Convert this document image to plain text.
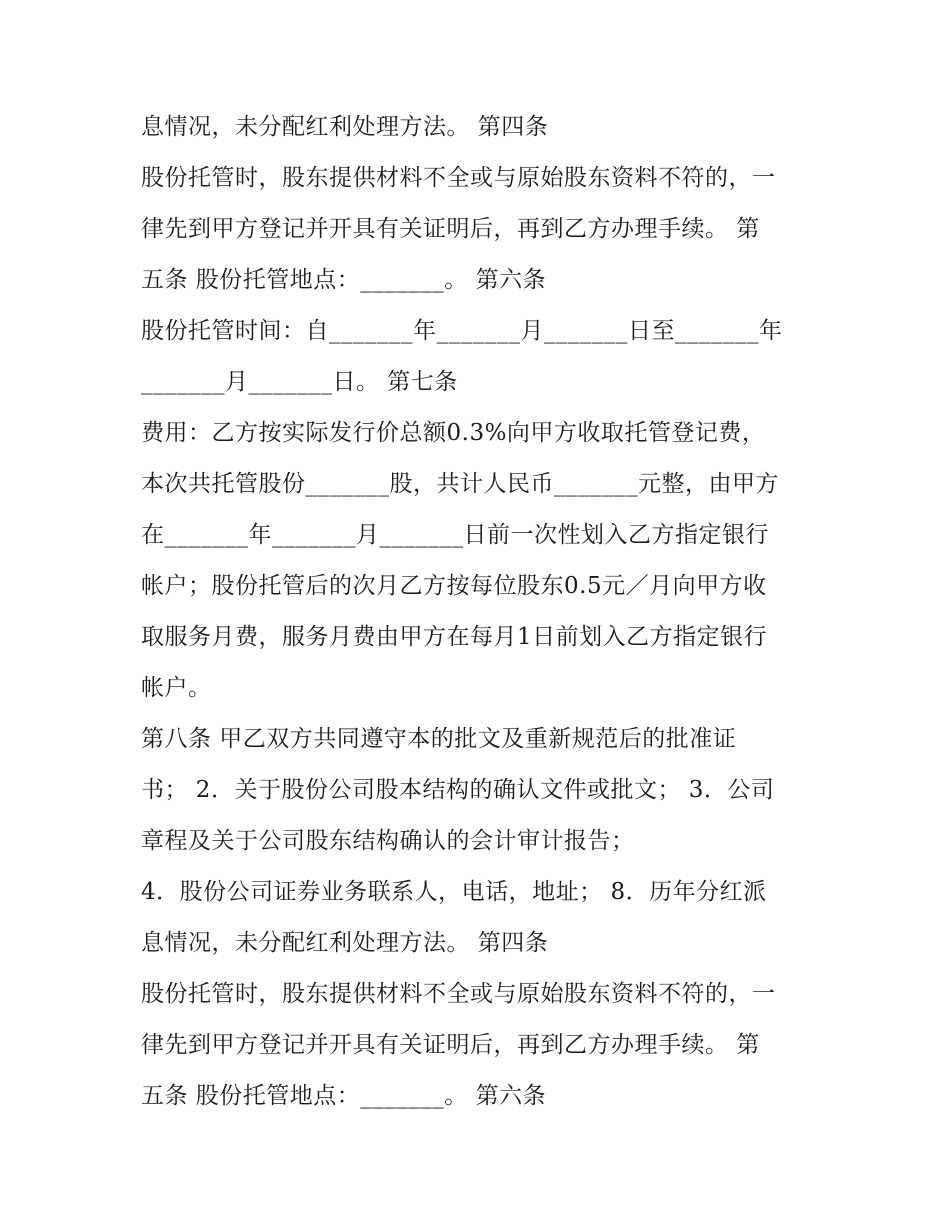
息情况，未分配红利处理方法。 第四条
股份托管时，股东提供材料不全或与原始股东资料不符的，一
律先到甲方登记并开具有关证明后，再到乙方办理手续。 第
五条 股份托管地点：_______。 第六条
股份托管时间：自_______年_______月_______日至_______年
_______月_______日。 第七条
费用：乙方按实际发行价总额0.3%向甲方收取托管登记费，
本次共托管股份_______股，共计人民币_______元整，由甲方
在_______年_______月_______日前一次性划入乙方指定银行
帐户；股份托管后的次月乙方按每位股东0.5元／月向甲方收
取服务月费，服务月费由甲方在每月1日前划入乙方指定银行
帐户。
第八条 甲乙双方共同遵守本的批文及重新规范后的批准证
书； 2．关于股份公司股本结构的确认文件或批文； 3．公司
章程及关于公司股东结构确认的会计审计报告；
4．股份公司证券业务联系人，电话，地址； 8．历年分红派
息情况，未分配红利处理方法。 第四条
股份托管时，股东提供材料不全或与原始股东资料不符的，一
律先到甲方登记并开具有关证明后，再到乙方办理手续。 第
五条 股份托管地点：_______。 第六条
